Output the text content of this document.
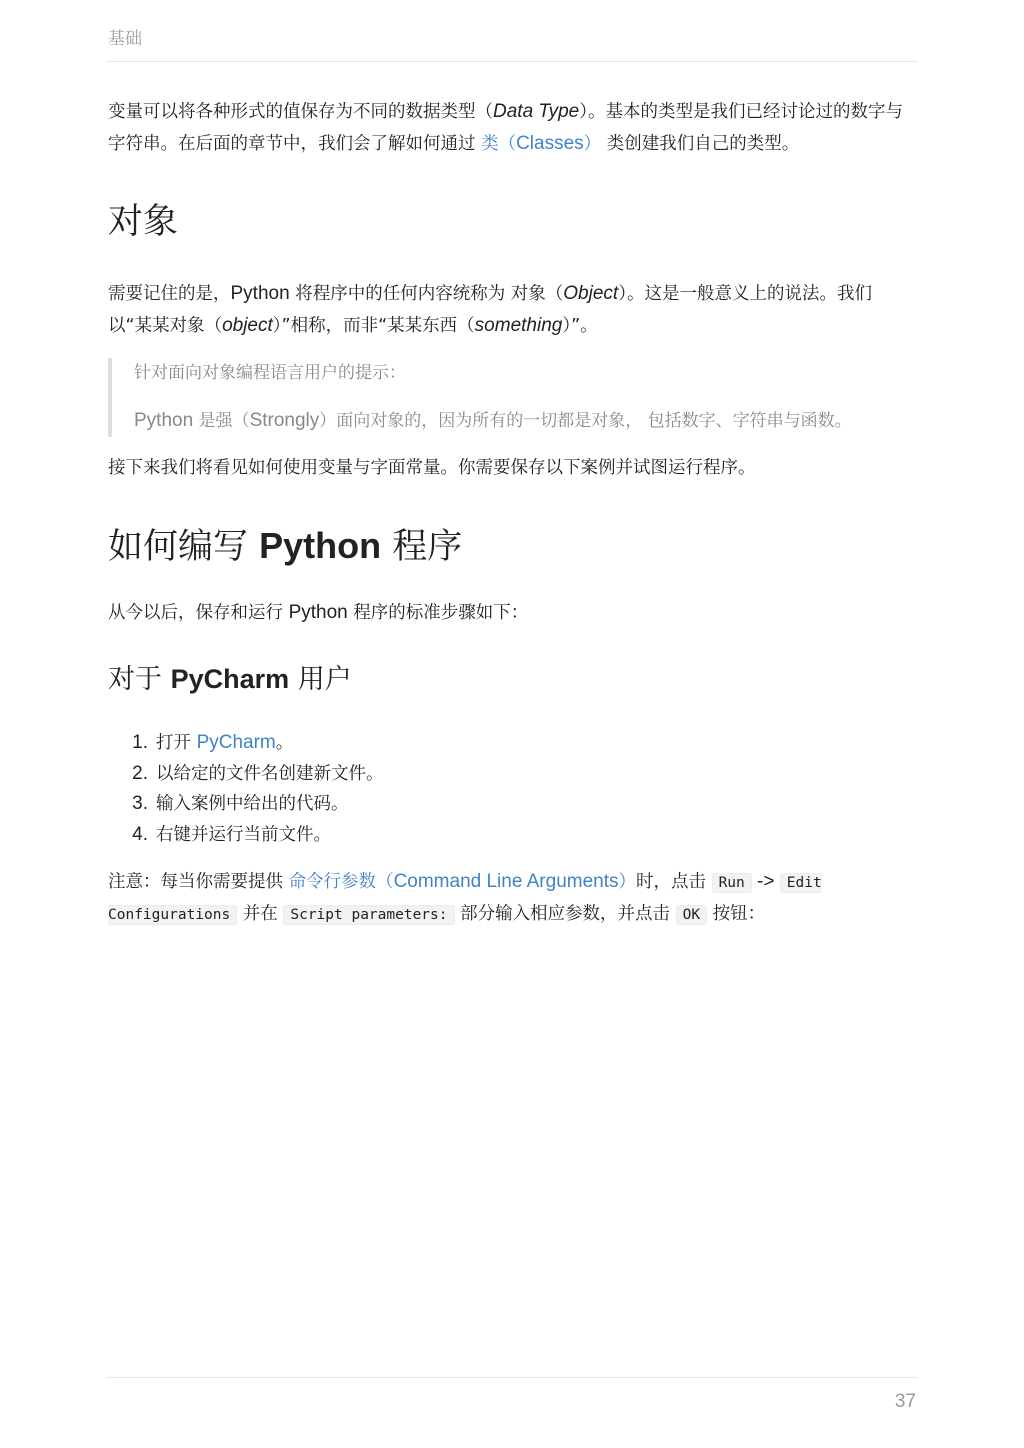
基础

变量可以将各种形式的值保存为不同的数据类型（Data Type）。基本的类型是我们已经讨论过的数字与字符串。在后面的章节中，我们会了解如何通过 类（Classes） 类创建我们自己的类型。

对象

需要记住的是，Python 将程序中的任何内容统称为 对象（Object）。这是一般意义上的说法。我们以“某某对象（object）”相称，而非“某某东西（something）”。

针对面向对象编程语言用户的提示：

Python 是强（Strongly）面向对象的，因为所有的一切都是对象， 包括数字、字符串与函数。

接下来我们将看见如何使用变量与字面常量。你需要保存以下案例并试图运行程序。

如何编写 Python 程序

从今以后，保存和运行 Python 程序的标准步骤如下：

对于 PyCharm 用户
1. 打开 PyCharm。
2. 以给定的文件名创建新文件。
3. 输入案例中给出的代码。
4. 右键并运行当前文件。

注意：每当你需要提供 命令行参数（Command Line Arguments）时，点击 Run -> Edit Configurations 并在 Script parameters: 部分输入相应参数，并点击 OK 按钮：

37
